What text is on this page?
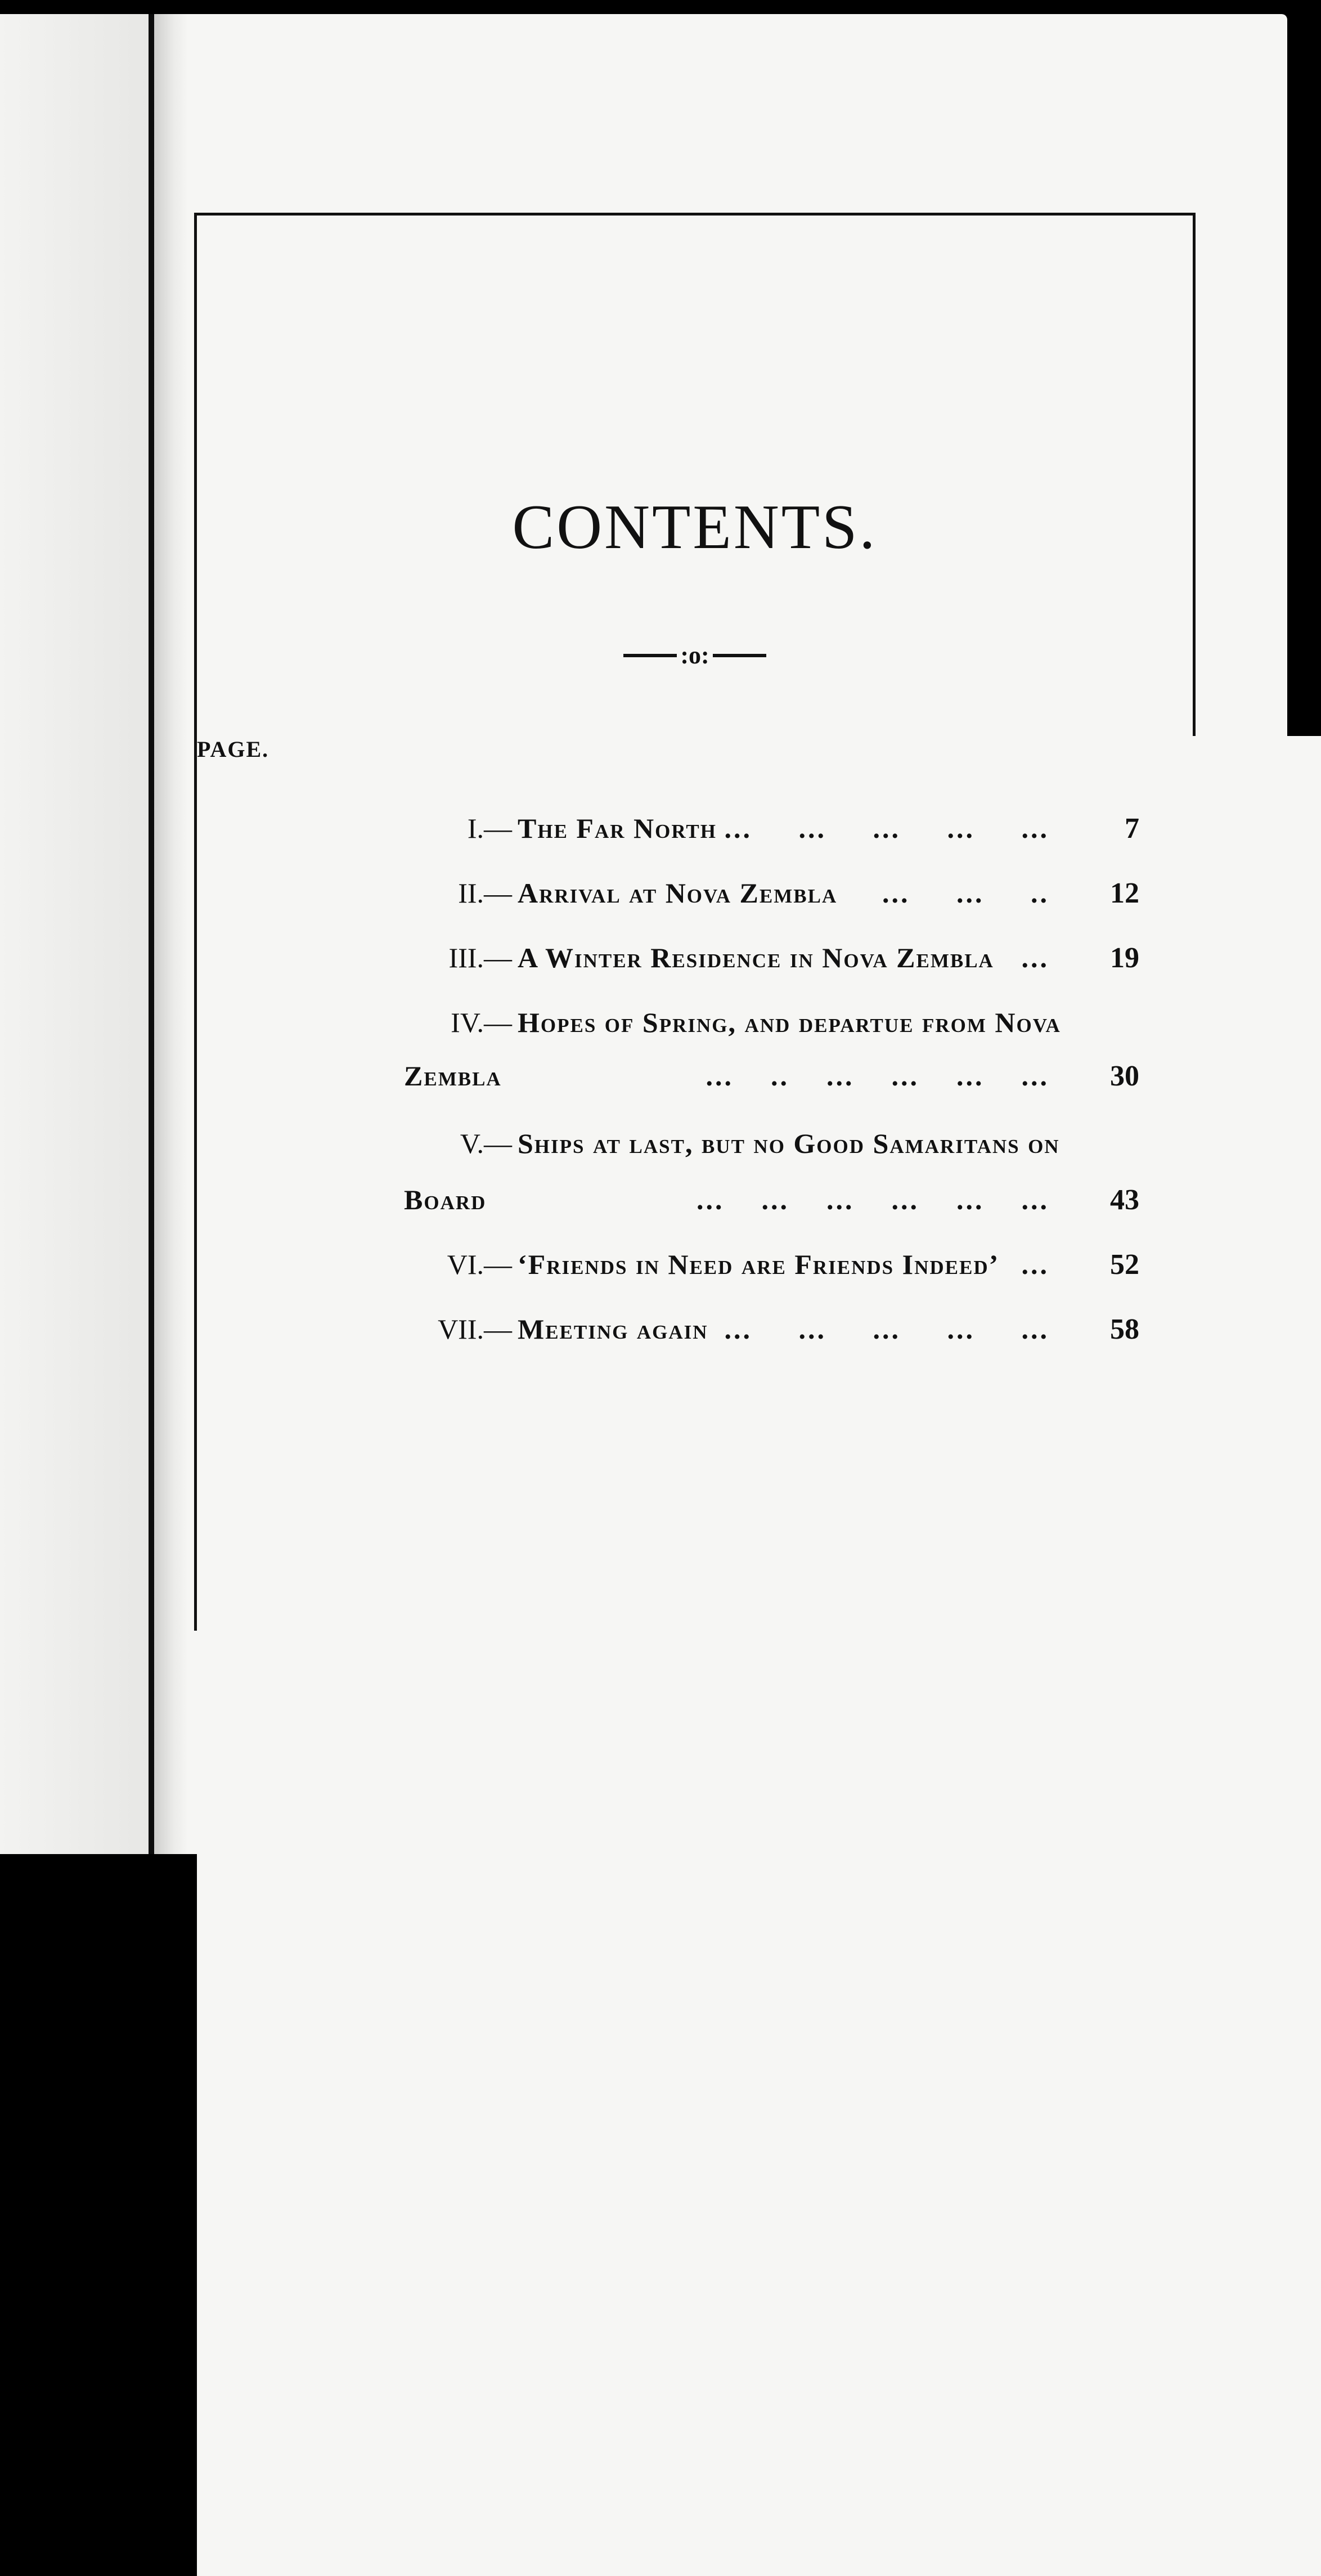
CONTENTS.
:o:
PAGE.
I.— The Far North ...     ...     ...     ...     ...	7
II.— Arrival at Nova Zembla ...     ...     .. 12
III.— A Winter Residence in Nova Zembla ... 19
IV.— Hopes of Spring, and departue from Nova
Zembla	...    ..    ...    ...    ...    ... 30
V.— Ships at last, but no Good Samaritans on
Board	...    ...    ...    ...    ...    ... 43
VI.— ‘Friends in Need are Friends Indeed’ ... 52
VII.— Meeting again ...     ...     ...     ...     ... 58
